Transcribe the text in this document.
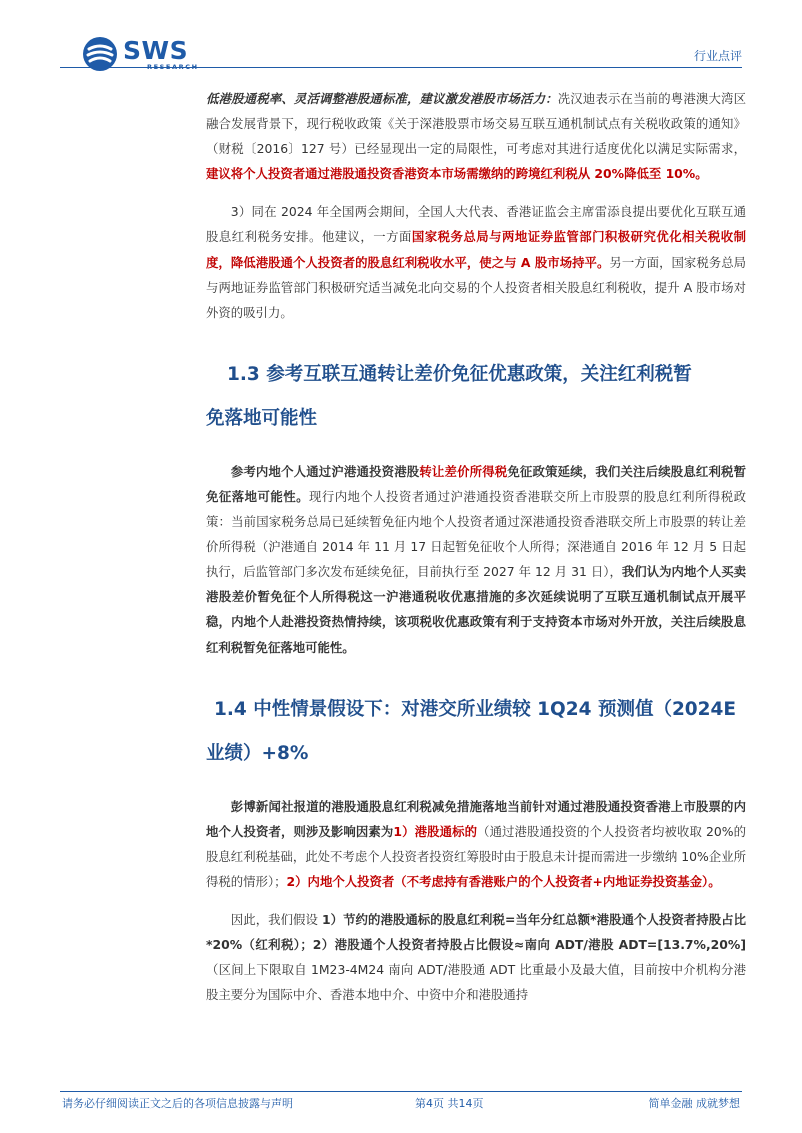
SWS
RESEARCH
行业点评

低港股通税率、灵活调整港股通标准，建议激发港股市场活力：冼汉迪表示在当前的粤港澳大湾区融合发展背景下，现行税收政策《关于深港股票市场交易互联互通机制试点有关税收政策的通知》（财税〔2016〕127 号）已经显现出一定的局限性，可考虑对其进行适度优化以满足实际需求，建议将个人投资者通过港股通投资香港资本市场需缴纳的跨境红利税从 20%降低至 10%。

3）同在 2024 年全国两会期间，全国人大代表、香港证监会主席雷添良提出要优化互联互通股息红利税务安排。他建议，一方面国家税务总局与两地证券监管部门积极研究优化相关税收制度，降低港股通个人投资者的股息红利税收水平，使之与 A 股市场持平。另一方面，国家税务总局与两地证券监管部门积极研究适当减免北向交易的个人投资者相关股息红利税收，提升 A 股市场对外资的吸引力。

1.3 参考互联互通转让差价免征优惠政策，关注红利税暂
免落地可能性

参考内地个人通过沪港通投资港股转让差价所得税免征政策延续，我们关注后续股息红利税暂免征落地可能性。现行内地个人投资者通过沪港通投资香港联交所上市股票的股息红利所得税政策：当前国家税务总局已延续暂免征内地个人投资者通过深港通投资香港联交所上市股票的转让差价所得税（沪港通自 2014 年 11 月 17 日起暂免征收个人所得；深港通自 2016 年 12 月 5 日起执行，后监管部门多次发布延续免征，目前执行至 2027 年 12 月 31 日），我们认为内地个人买卖港股差价暂免征个人所得税这一沪港通税收优惠措施的多次延续说明了互联互通机制试点开展平稳，内地个人赴港投资热情持续，该项税收优惠政策有利于支持资本市场对外开放，关注后续股息红利税暂免征落地可能性。

1.4 中性情景假设下：对港交所业绩较 1Q24 预测值（2024E
业绩）+8%

彭博新闻社报道的港股通股息红利税减免措施落地当前针对通过港股通投资香港上市股票的内地个人投资者，则涉及影响因素为1）港股通标的（通过港股通投资的个人投资者均被收取 20%的股息红利税基础，此处不考虑个人投资者投资红筹股时由于股息未计提而需进一步缴纳 10%企业所得税的情形）；2）内地个人投资者（不考虑持有香港账户的个人投资者+内地证券投资基金）。

因此，我们假设 1）节约的港股通标的股息红利税=当年分红总额*港股通个人投资者持股占比*20%（红利税）；2）港股通个人投资者持股占比假设≈南向 ADT/港股 ADT=[13.7%,20%]（区间上下限取自 1M23-4M24 南向 ADT/港股通 ADT 比重最小及最大值，目前按中介机构分港股主要分为国际中介、香港本地中介、中资中介和港股通持

请务必仔细阅读正文之后的各项信息披露与声明	第4页 共14页	简单金融 成就梦想
